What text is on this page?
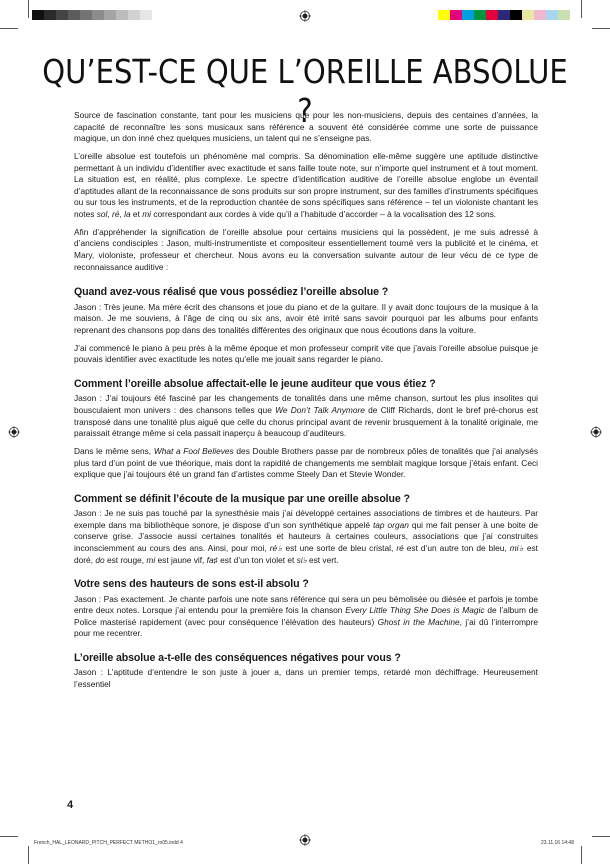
QU’EST-CE QUE L’OREILLE ABSOLUE ?

Source de fascination constante, tant pour les musiciens que pour les non-musiciens, depuis des centaines d’années, la capacité de reconnaître les sons musicaux sans référence a souvent été considérée comme une sorte de puissance magique, un don inné chez quelques musiciens, un talent qui ne s’enseigne pas.

L’oreille absolue est toutefois un phénomène mal compris. Sa dénomination elle-même suggère une aptitude distinctive permettant à un individu d’identifier avec exactitude et sans faille toute note, sur n’importe quel instrument et à tout moment. La situation est, en réalité, plus complexe. Le spectre d’identification auditive de l’oreille absolue englobe un éventail d’aptitudes allant de la reconnaissance de sons produits sur son propre instrument, sur des familles d’instruments spécifiques ou sur tous les instruments, et de la reproduction chantée de sons spécifiques sans référence – tel un violoniste chantant les notes sol, ré, la et mi correspondant aux cordes à vide qu’il a l’habitude d’accorder – à la vocalisation des 12 sons.

Afin d’appréhender la signification de l’oreille absolue pour certains musiciens qui la possèdent, je me suis adressé à d’anciens condisciples : Jason, multi-instrumentiste et compositeur essentiellement tourné vers la publicité et le cinéma, et Mary, violoniste, professeur et chercheur. Nous avons eu la conversation suivante autour de leur vécu de ce type de reconnaissance auditive :

Quand avez-vous réalisé que vous possédiez l’oreille absolue ?

Jason : Très jeune. Ma mère écrit des chansons et joue du piano et de la guitare. Il y avait donc toujours de la musique à la maison. Je me souviens, à l’âge de cinq ou six ans, avoir été irrité sans savoir pourquoi par les albums pour enfants reprenant des chansons pop dans des tonalités différentes des originaux que nous écoutions dans la voiture.

J’ai commencé le piano à peu près à la même époque et mon professeur comprit vite que j’avais l’oreille absolue puisque je pouvais identifier avec exactitude les notes qu’elle me jouait sans regarder le piano.

Comment l’oreille absolue affectait-elle le jeune auditeur que vous étiez ?

Jason : J’ai toujours été fasciné par les changements de tonalités dans une même chanson, surtout les plus insolites qui bousculaient mon univers : des chansons telles que We Don’t Talk Anymore de Cliff Richards, dont le bref pré-chorus est transposé dans une tonalité plus aiguë que celle du chorus principal avant de revenir brusquement à la tonalité originale, me paraissait étrange même si cela passait inaperçu à beaucoup d’auditeurs.

Dans le même sens, What a Fool Believes des Double Brothers passe par de nombreux pôles de tonalités que j’ai analysés plus tard d’un point de vue théorique, mais dont la rapidité de changements me semblait magique lorsque j’étais enfant. Ceci explique que j’ai toujours été un grand fan d’artistes comme Steely Dan et Stevie Wonder.

Comment se définit l’écoute de la musique par une oreille absolue ?

Jason : Je ne suis pas touché par la synesthésie mais j’ai développé certaines associations de timbres et de hauteurs. Par exemple dans ma bibliothèque sonore, je dispose d’un son synthétique appelé tap organ qui me fait penser à une boite de conserve grise. J’associe aussi certaines tonalités et hauteurs à certaines couleurs, associations que j’ai construites inconsciemment au cours des ans. Ainsi, pour moi, ré♭ est une sorte de bleu cristal, ré est d’un autre ton de bleu, mi♭ est doré, do est rouge, mi est jaune vif, fa♯ est d’un ton violet et si♭ est vert.

Votre sens des hauteurs de sons est-il absolu ?

Jason : Pas exactement. Je chante parfois une note sans référence qui sera un peu bémolisée ou diésée et parfois je tombe entre deux notes. Lorsque j’ai entendu pour la première fois la chanson Every Little Thing She Does is Magic de l’album de Police masterisé rapidement (avec pour conséquence l’élévation des hauteurs) Ghost in the Machine, j’ai dû l’interrompre pour me recentrer.

L’oreille absolue a-t-elle des conséquences négatives pour vous ?

Jason : L’aptitude d’entendre le son juste à jouer a, dans un premier temps, retardé mon déchiffrage. Heureusement l’essentiel

4
French_HAL_LEONARD_PITCH_PERFECT METHO1_ro05.indd 4	23.11.16 14:48
